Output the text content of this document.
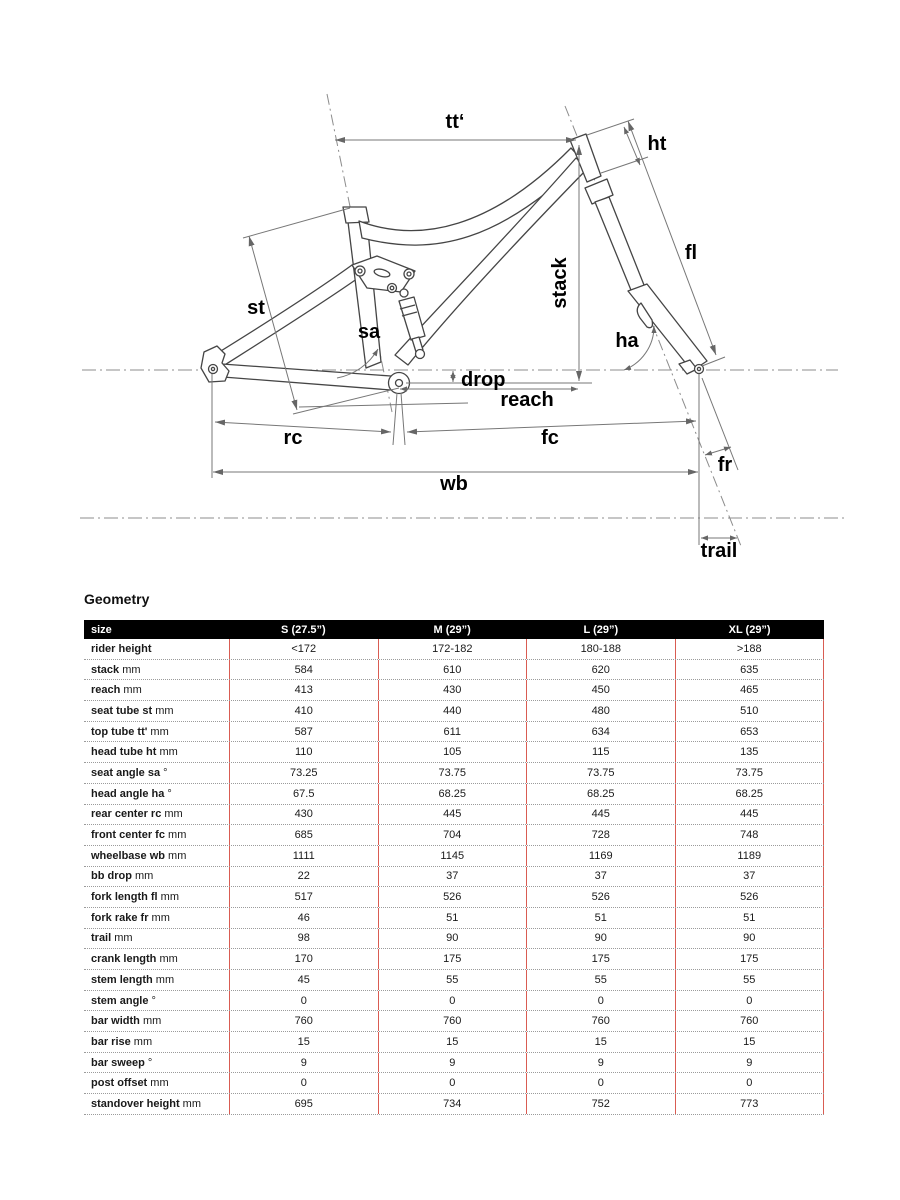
tt‘
ht
fl
st
sa
stack
ha
drop
reach
rc	fc
fr
wb
trail
Geometry
size	S (27.5”)	M (29”)	L (29”)	XL (29”)
rider height	<172	172-182	180-188	>188
stack mm	584	610	620	635
reach mm	413	430	450	465
seat tube st mm	410	440	480	510
top tube tt' mm	587	611	634	653
head tube ht mm	110	105	115	135
seat angle sa °	73.25	73.75	73.75	73.75
head angle ha °	67.5	68.25	68.25	68.25
rear center rc mm	430	445	445	445
front center fc mm	685	704	728	748
wheelbase wb mm	1111	1145	1169	1189
bb drop mm	22	37	37	37
fork length fl mm	517	526	526	526
fork rake fr mm	46	51	51	51
trail mm	98	90	90	90
crank length mm	170	175	175	175
stem length mm	45	55	55	55
stem angle °	0	0	0	0
bar width mm	760	760	760	760
bar rise mm	15	15	15	15
bar sweep °	9	9	9	9
post offset mm	0	0	0	0
standover height mm	695	734	752	773
